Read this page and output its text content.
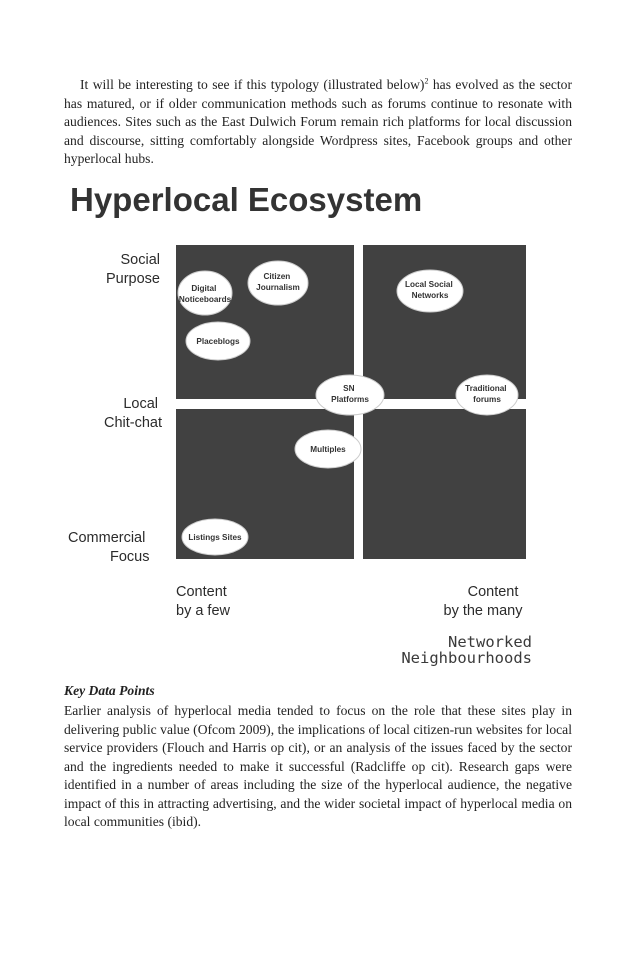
It will be interesting to see if this typology (illustrated below)$^2$ has evolved as the sector has matured, or if older communication methods such as forums continue to resonate with audiences. Sites such as the East Dulwich Forum remain rich platforms for local discussion and discourse, sitting comfortably alongside Wordpress sites, Facebook groups and other hyperlocal hubs.

Hyperlocal Ecosystem
Social
Purpose
Local
Chit-chat
Commercial
Focus
Content
by a few
Content
by the many
Digital Noticeboards
Citizen Journalism
Placeblogs
Local Social Networks
SN Platforms
Traditional forums
Multiples
Listings Sites
Networked
Neighbourhoods

Key Data Points

Earlier analysis of hyperlocal media tended to focus on the role that these sites play in delivering public value (Ofcom 2009), the implications of local citizen-run websites for local service providers (Flouch and Harris op cit), or an analysis of the issues faced by the sector and the ingredients needed to make it successful (Radcliffe op cit). Research gaps were identified in a number of areas including the size of the hyperlocal audience, the negative impact of this in attracting advertising, and the wider societal impact of hyperlocal media on local communities (ibid).
